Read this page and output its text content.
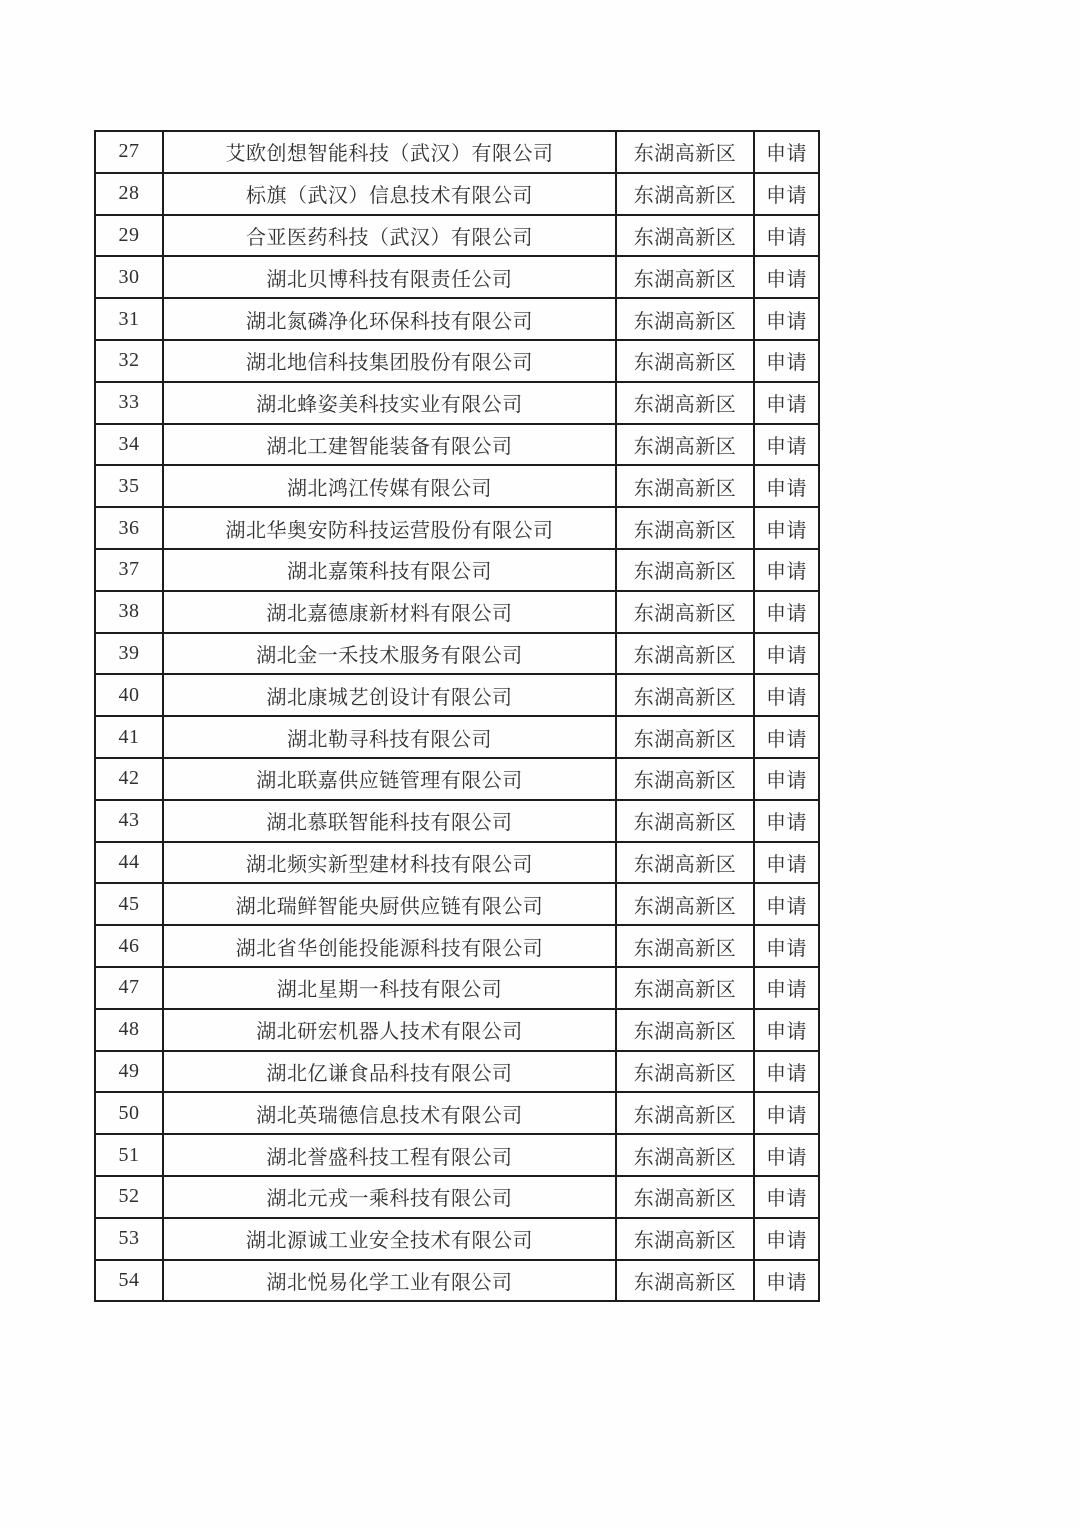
27	艾欧创想智能科技（武汉）有限公司	东湖高新区	申请
28	标旗（武汉）信息技术有限公司	东湖高新区	申请
29	合亚医药科技（武汉）有限公司	东湖高新区	申请
30	湖北贝博科技有限责任公司	东湖高新区	申请
31	湖北氮磷净化环保科技有限公司	东湖高新区	申请
32	湖北地信科技集团股份有限公司	东湖高新区	申请
33	湖北蜂姿美科技实业有限公司	东湖高新区	申请
34	湖北工建智能装备有限公司	东湖高新区	申请
35	湖北鸿江传媒有限公司	东湖高新区	申请
36	湖北华奥安防科技运营股份有限公司	东湖高新区	申请
37	湖北嘉策科技有限公司	东湖高新区	申请
38	湖北嘉德康新材料有限公司	东湖高新区	申请
39	湖北金一禾技术服务有限公司	东湖高新区	申请
40	湖北康城艺创设计有限公司	东湖高新区	申请
41	湖北勒寻科技有限公司	东湖高新区	申请
42	湖北联嘉供应链管理有限公司	东湖高新区	申请
43	湖北慕联智能科技有限公司	东湖高新区	申请
44	湖北频实新型建材科技有限公司	东湖高新区	申请
45	湖北瑞鲜智能央厨供应链有限公司	东湖高新区	申请
46	湖北省华创能投能源科技有限公司	东湖高新区	申请
47	湖北星期一科技有限公司	东湖高新区	申请
48	湖北研宏机器人技术有限公司	东湖高新区	申请
49	湖北亿谦食品科技有限公司	东湖高新区	申请
50	湖北英瑞德信息技术有限公司	东湖高新区	申请
51	湖北誉盛科技工程有限公司	东湖高新区	申请
52	湖北元戎一乘科技有限公司	东湖高新区	申请
53	湖北源诚工业安全技术有限公司	东湖高新区	申请
54	湖北悦易化学工业有限公司	东湖高新区	申请
